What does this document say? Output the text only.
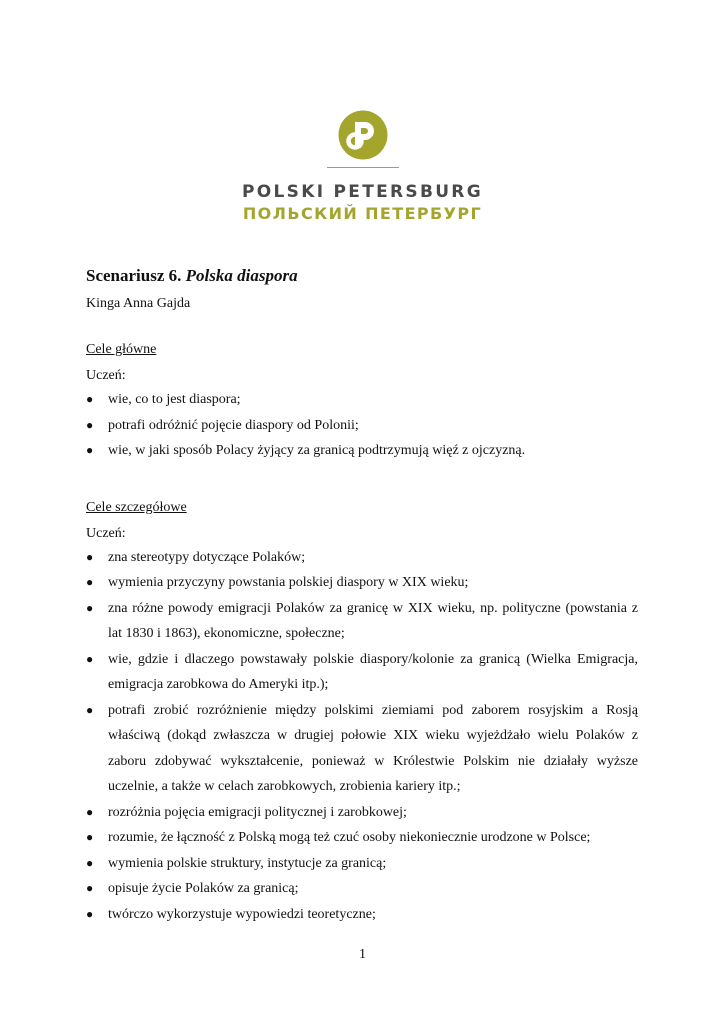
POLSKI PETERSBURG
ПОЛЬСКИЙ ПЕТЕРБУРГ
Scenariusz 6. Polska diaspora
Kinga Anna Gajda
Cele główne
Uczeń:
● wie, co to jest diaspora;
● potrafi odróżnić pojęcie diaspory od Polonii;
● wie, w jaki sposób Polacy żyjący za granicą podtrzymują więź z ojczyzną.
Cele szczegółowe
Uczeń:
● zna stereotypy dotyczące Polaków;
● wymienia przyczyny powstania polskiej diaspory w XIX wieku;
● zna różne powody emigracji Polaków za granicę w XIX wieku, np. polityczne (powstania z lat 1830 i 1863), ekonomiczne, społeczne;
● wie, gdzie i dlaczego powstawały polskie diaspory/kolonie za granicą (Wielka Emigracja, emigracja zarobkowa do Ameryki itp.);
● potrafi zrobić rozróżnienie między polskimi ziemiami pod zaborem rosyjskim a Rosją właściwą (dokąd zwłaszcza w drugiej połowie XIX wieku wyjeżdżało wielu Polaków z zaboru zdobywać wykształcenie, ponieważ w Królestwie Polskim nie działały wyższe uczelnie, a także w celach zarobkowych, zrobienia kariery itp.;
● rozróżnia pojęcia emigracji politycznej i zarobkowej;
● rozumie, że łączność z Polską mogą też czuć osoby niekoniecznie urodzone w Polsce;
● wymienia polskie struktury, instytucje za granicą;
● opisuje życie Polaków za granicą;
● twórczo wykorzystuje wypowiedzi teoretyczne;
1
